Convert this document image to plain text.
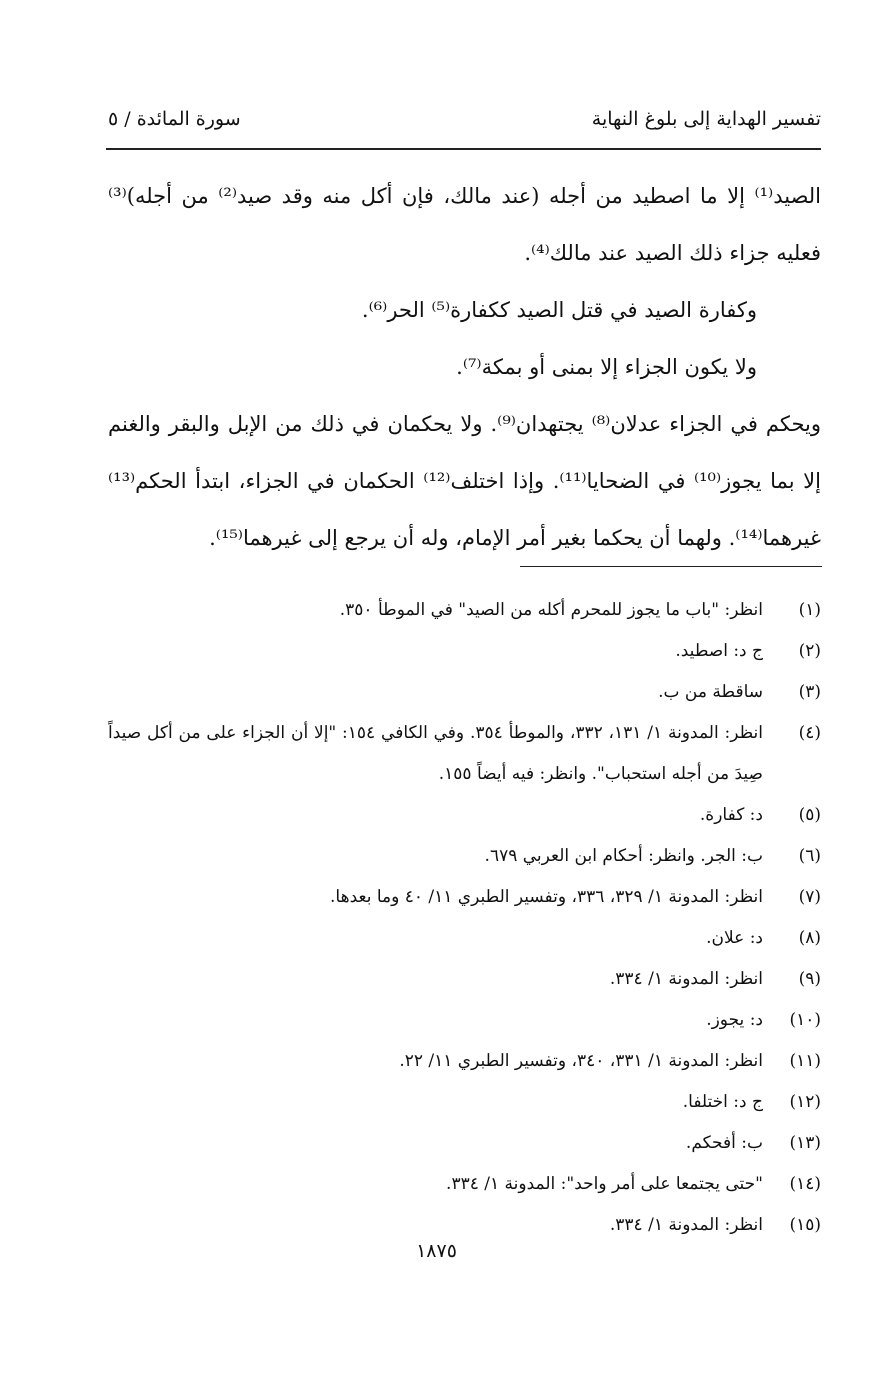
تفسير الهداية إلى بلوغ النهاية
سورة المائدة / ٥

الصيد⁽¹⁾ إلا ما اصطيد من أجله (عند مالك، فإن أكل منه وقد صيد⁽²⁾ من أجله)⁽³⁾ فعليه جزاء ذلك الصيد عند مالك⁽⁴⁾.

وكفارة الصيد في قتل الصيد ككفارة⁽⁵⁾ الحر⁽⁶⁾.

ولا يكون الجزاء إلا بمنى أو بمكة⁽⁷⁾.

ويحكم في الجزاء عدلان⁽⁸⁾ يجتهدان⁽⁹⁾. ولا يحكمان في ذلك من الإبل والبقر والغنم إلا بما يجوز⁽¹⁰⁾ في الضحايا⁽¹¹⁾. وإذا اختلف⁽¹²⁾ الحكمان في الجزاء، ابتدأ الحكم⁽¹³⁾ غيرهما⁽¹⁴⁾. ولهما أن يحكما بغير أمر الإمام، وله أن يرجع إلى غيرهما⁽¹⁵⁾.

(١)
انظر: "باب ما يجوز للمحرم أكله من الصيد" في الموطأ ٣٥٠.
(٢)
ج د: اصطيد.
(٣)
ساقطة من ب.
(٤)
انظر: المدونة ١/ ١٣١، ٣٣٢، والموطأ ٣٥٤. وفي الكافي ١٥٤: "إلا أن الجزاء على من أكل صيداً صِيدَ من أجله استحباب". وانظر: فيه أيضاً ١٥٥.
(٥)
د: كفارة.
(٦)
ب: الجر. وانظر: أحكام ابن العربي ٦٧٩.
(٧)
انظر: المدونة ١/ ٣٢٩، ٣٣٦، وتفسير الطبري ١١/ ٤٠ وما بعدها.
(٨)
د: علان.
(٩)
انظر: المدونة ١/ ٣٣٤.
(١٠)
د: يجوز.
(١١)
انظر: المدونة ١/ ٣٣١، ٣٤٠، وتفسير الطبري ١١/ ٢٢.
(١٢)
ج د: اختلفا.
(١٣)
ب: أفحكم.
(١٤)
"حتى يجتمعا على أمر واحد": المدونة ١/ ٣٣٤.
(١٥)
انظر: المدونة ١/ ٣٣٤.
١٨٧٥
